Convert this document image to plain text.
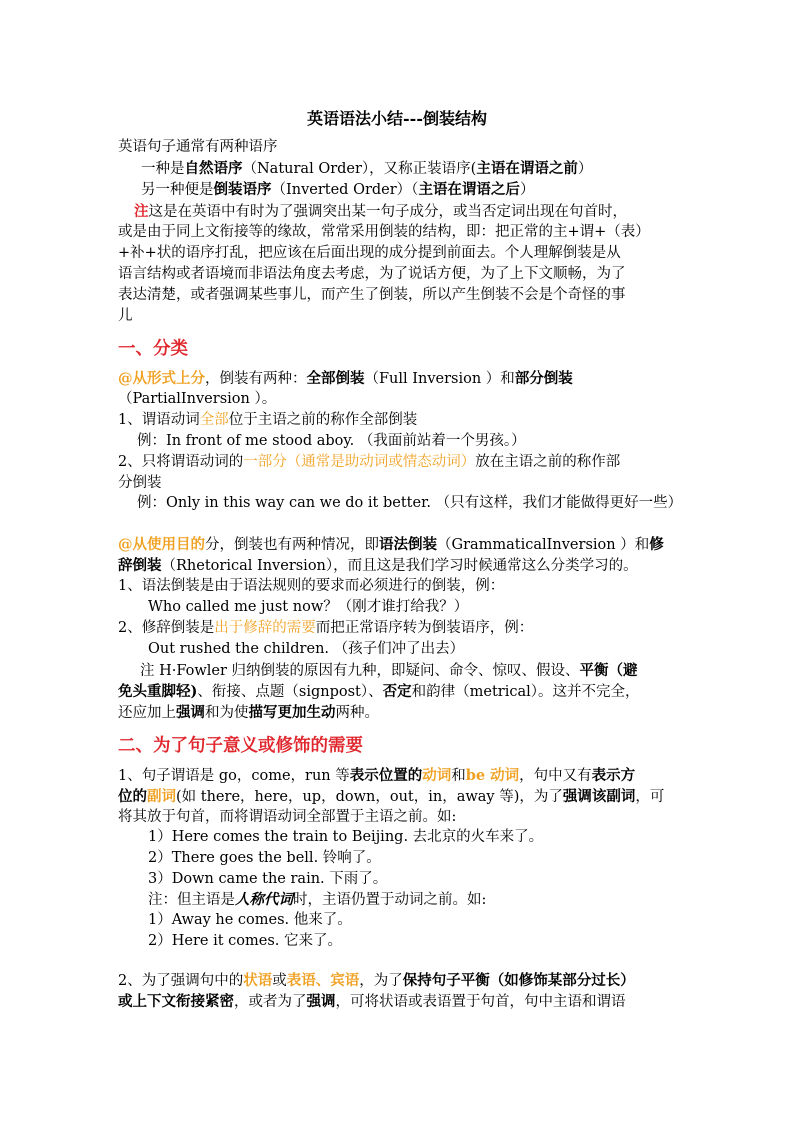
英语语法小结---倒装结构
英语句子通常有两种语序
一种是自然语序（Natural Order），又称正装语序(主语在谓语之前）
另一种便是倒装语序（Inverted Order）（主语在谓语之后）
注这是在英语中有时为了强调突出某一句子成分，或当否定词出现在句首时，
或是由于同上文衔接等的缘故，常常采用倒装的结构，即：把正常的主+谓+（表）
+补+状的语序打乱，把应该在后面出现的成分提到前面去。个人理解倒装是从
语言结构或者语境而非语法角度去考虑，为了说话方便，为了上下文顺畅，为了
表达清楚，或者强调某些事儿，而产生了倒装，所以产生倒装不会是个奇怪的事
儿
一、分类
@从形式上分，倒装有两种：全部倒装（Full Inversion ）和部分倒装
（PartialInversion ）。
1、谓语动词全部位于主语之前的称作全部倒装
例：In front of me stood aboy. （我面前站着一个男孩。）
2、只将谓语动词的一部分（通常是助动词或情态动词）放在主语之前的称作部
分倒装
例：Only in this way can we do it better. （只有这样，我们才能做得更好一些）
@从使用目的分，倒装也有两种情况，即语法倒装（GrammaticalInversion ）和修
辞倒装（Rhetorical Inversion），而且这是我们学习时候通常这么分类学习的。
1、语法倒装是由于语法规则的要求而必须进行的倒装，例：
Who called me just now？（刚才谁打给我？）
2、修辞倒装是出于修辞的需要而把正常语序转为倒装语序，例：
Out rushed the children. （孩子们冲了出去）
注 H·Fowler 归纳倒装的原因有九种，即疑问、命令、惊叹、假设、平衡（避
免头重脚轻)、衔接、点题（signpost）、否定和韵律（metrical）。这并不完全，
还应加上强调和为使描写更加生动两种。
二、为了句子意义或修饰的需要
1、句子谓语是 go，come，run 等表示位置的动词和be 动词，句中又有表示方
位的副词(如 there，here，up，down，out，in，away 等)，为了强调该副词，可
将其放于句首，而将谓语动词全部置于主语之前。如:
1）Here comes the train to Beijing. 去北京的火车来了。
2）There goes the bell. 铃响了。
3）Down came the rain. 下雨了。
注：但主语是人称代词时，主语仍置于动词之前。如:
1）Away he comes. 他来了。
2）Here it comes. 它来了。
2、为了强调句中的状语或表语、宾语，为了保持句子平衡（如修饰某部分过长）
或上下文衔接紧密，或者为了强调，可将状语或表语置于句首，句中主语和谓语
